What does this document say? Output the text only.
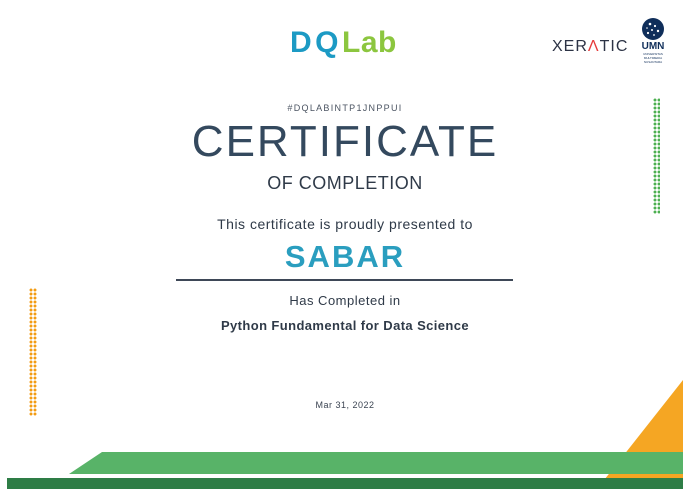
D Q Lab	XERΛTIC	UMN
UNIVERSITAS MULTIMEDIA NUSANTARA
#DQLABINTP1JNPPUI
CERTIFICATE
OF COMPLETION
This certificate is proudly presented to
SABAR
Has Completed in
Python Fundamental for Data Science
Mar 31, 2022
